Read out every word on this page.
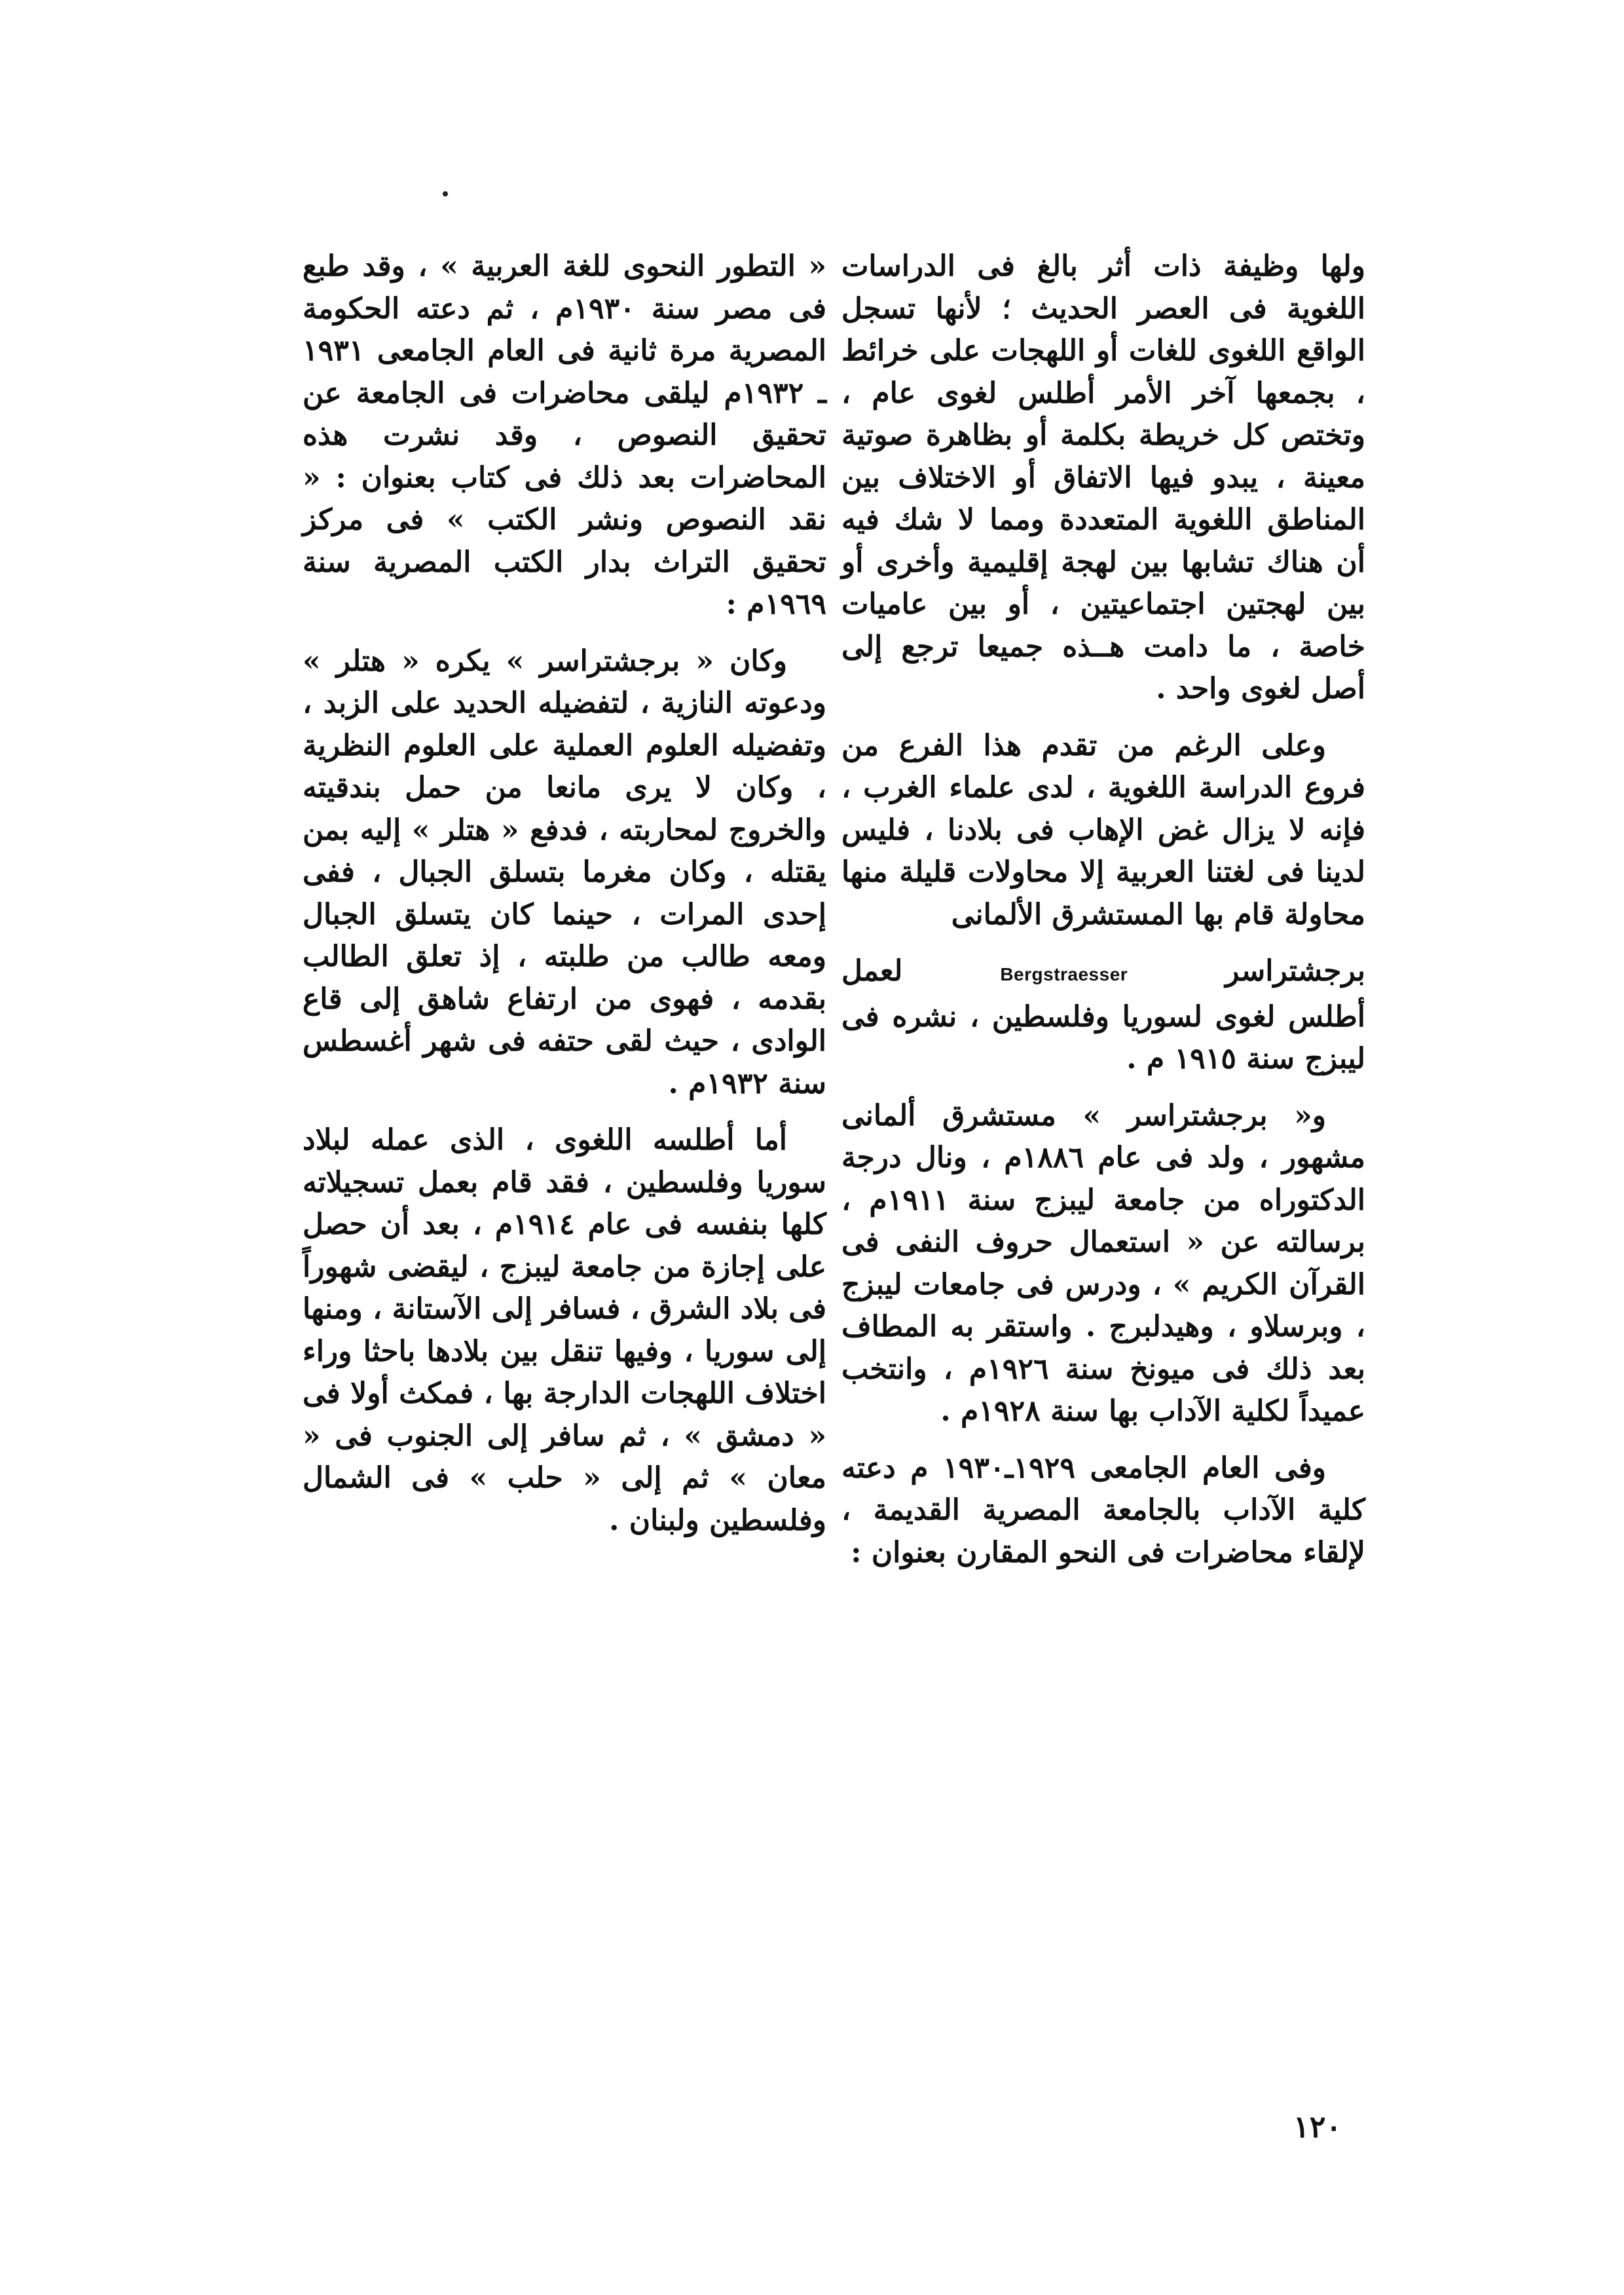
ولها وظيفة ذات أثر بالغ فى الدراسات اللغوية فى العصر الحديث ؛ لأنها تسجل الواقع اللغوى للغات أو اللهجات على خرائط ، بجمعها آخر الأمر أطلس لغوى عام ، وتختص كل خريطة بكلمة أو بظاهرة صوتية معينة ، يبدو فيها الاتفاق أو الاختلاف بين المناطق اللغوية المتعددة ومما لا شك فيه أن هناك تشابها بين لهجة إقليمية وأخرى أو بين لهجتين اجتماعيتين ، أو بين عاميات خاصة ، ما دامت هــذه جميعا ترجع إلى أصل لغوى واحد .

وعلى الرغم من تقدم هذا الفرع من فروع الدراسة اللغوية ، لدى علماء الغرب ، فإنه لا يزال غض الإهاب فى بلادنا ، فليس لدينا فى لغتنا العربية إلا محاولات قليلة منها محاولة قام بها المستشرق الألمانى

برجشتراسر
Bergstraesser
لعمل

أطلس لغوى لسوريا وفلسطين ، نشره فى ليبزج سنة ١٩١٥ م .

و« برجشتراسر » مستشرق ألمانى مشهور ، ولد فى عام ١٨٨٦م ، ونال درجة الدكتوراه من جامعة ليبزج سنة ١٩١١م ، برسالته عن « استعمال حروف النفى فى القرآن الكريم » ، ودرس فى جامعات ليبزج ، وبرسلاو ، وهيدلبرج . واستقر به المطاف بعد ذلك فى ميونخ سنة ١٩٢٦م ، وانتخب عميداً لكلية الآداب بها سنة ١٩٢٨م .

وفى العام الجامعى ١٩٢٩ـ١٩٣٠ م دعته كلية الآداب بالجامعة المصرية القديمة ، لإلقاء محاضرات فى النحو المقارن بعنوان :

« التطور النحوى للغة العربية » ، وقد طبع فى مصر سنة ١٩٣٠م ، ثم دعته الحكومة المصرية مرة ثانية فى العام الجامعى ١٩٣١ ـ ١٩٣٢م ليلقى محاضرات فى الجامعة عن تحقيق النصوص ، وقد نشرت هذه المحاضرات بعد ذلك فى كتاب بعنوان : « نقد النصوص ونشر الكتب » فى مركز تحقيق التراث بدار الكتب المصرية سنة ١٩٦٩م :

وكان « برجشتراسر » يكره « هتلر » ودعوته النازية ، لتفضيله الحديد على الزبد ، وتفضيله العلوم العملية على العلوم النظرية ، وكان لا يرى مانعا من حمل بندقيته والخروج لمحاربته ، فدفع « هتلر » إليه بمن يقتله ، وكان مغرما بتسلق الجبال ، ففى إحدى المرات ، حينما كان يتسلق الجبال ومعه طالب من طلبته ، إذ تعلق الطالب بقدمه ، فهوى من ارتفاع شاهق إلى قاع الوادى ، حيث لقى حتفه فى شهر أغسطس سنة ١٩٣٢م .

أما أطلسه اللغوى ، الذى عمله لبلاد سوريا وفلسطين ، فقد قام بعمل تسجيلاته كلها بنفسه فى عام ١٩١٤م ، بعد أن حصل على إجازة من جامعة ليبزج ، ليقضى شهوراً فى بلاد الشرق ، فسافر إلى الآستانة ، ومنها إلى سوريا ، وفيها تنقل بين بلادها باحثا وراء اختلاف اللهجات الدارجة بها ، فمكث أولا فى « دمشق » ، ثم سافر إلى الجنوب فى « معان » ثم إلى « حلب » فى الشمال وفلسطين ولبنان .

١٢٠
